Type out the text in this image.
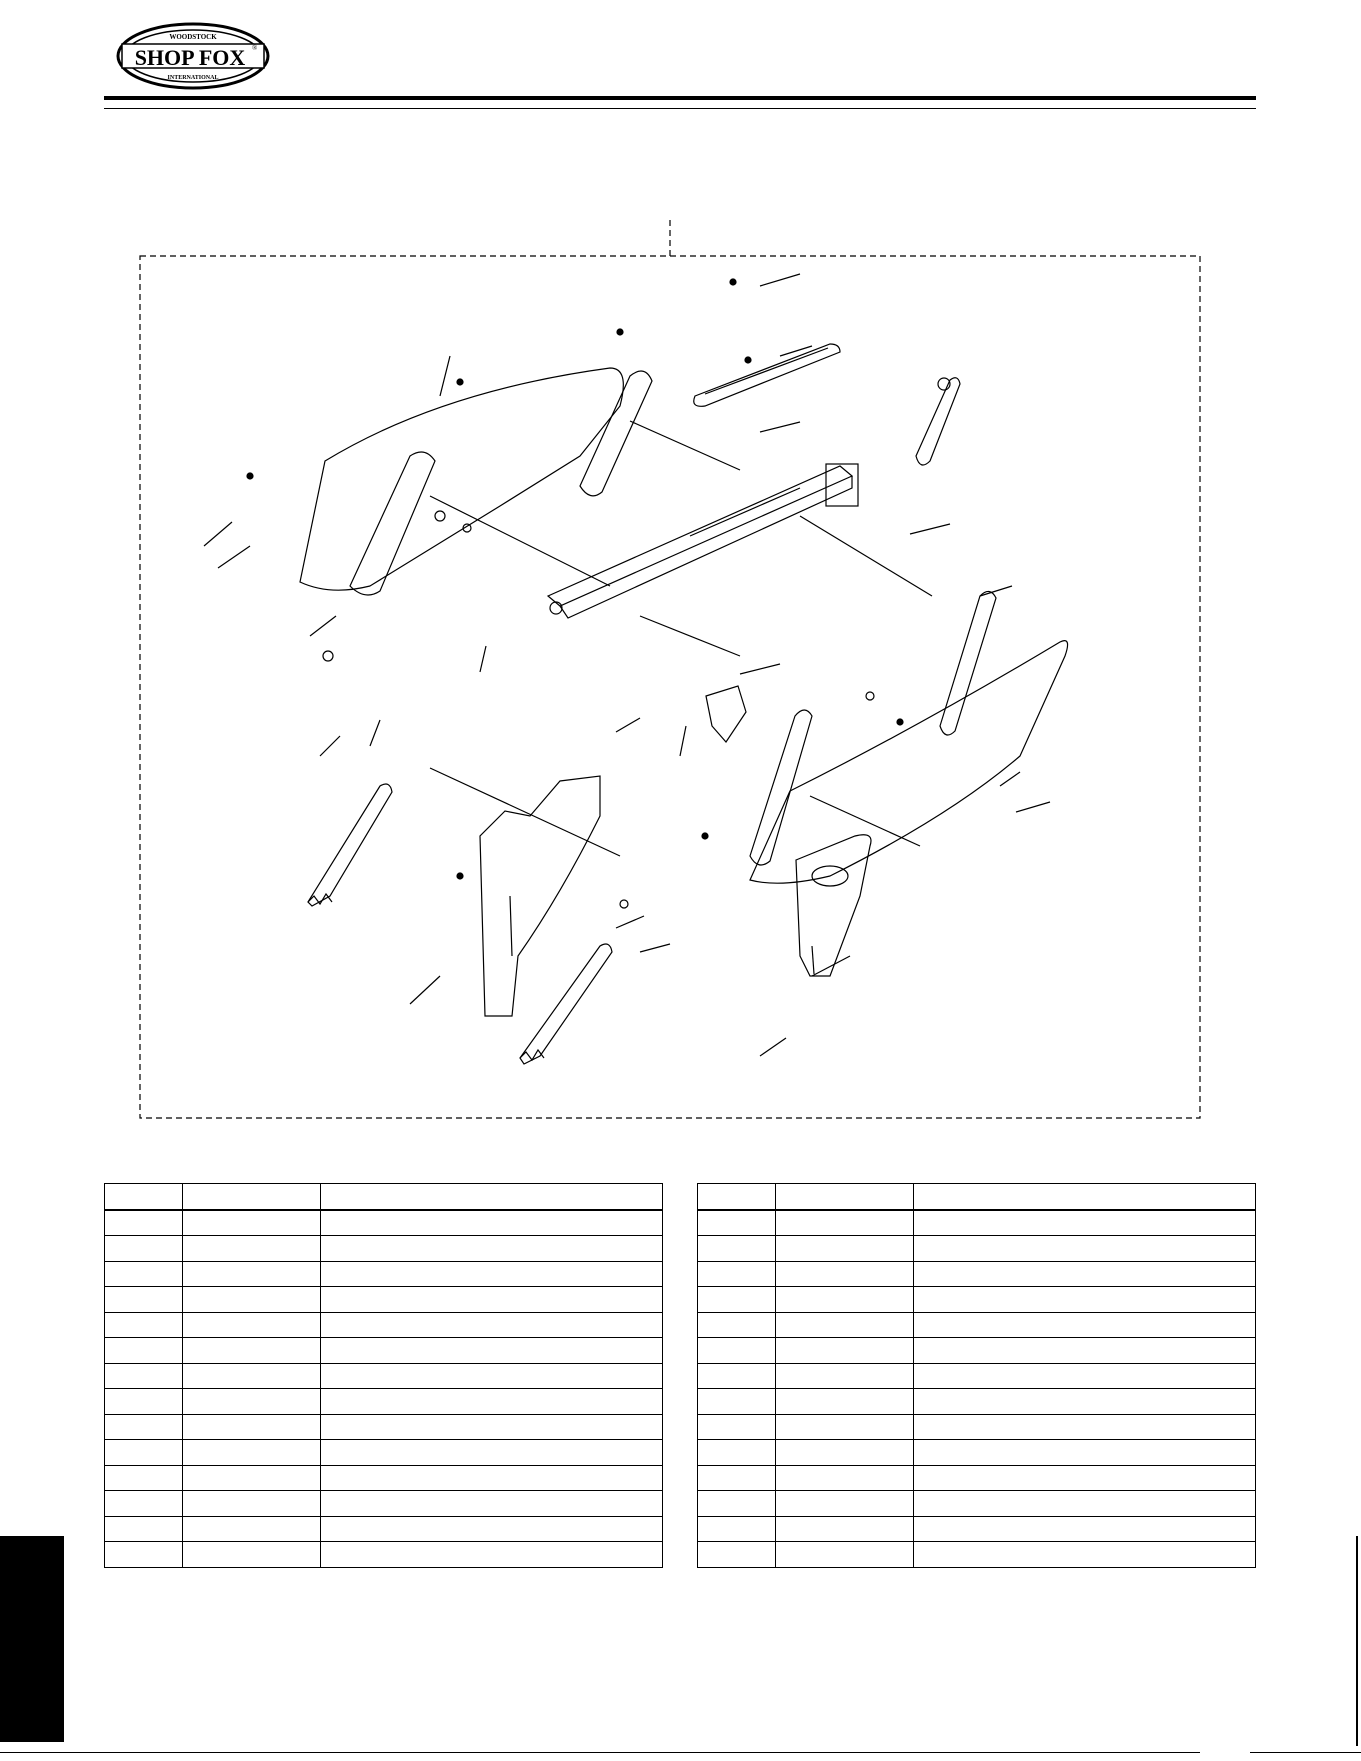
WOODSTOCK
SHOP FOX ®
INTERNATIONAL
